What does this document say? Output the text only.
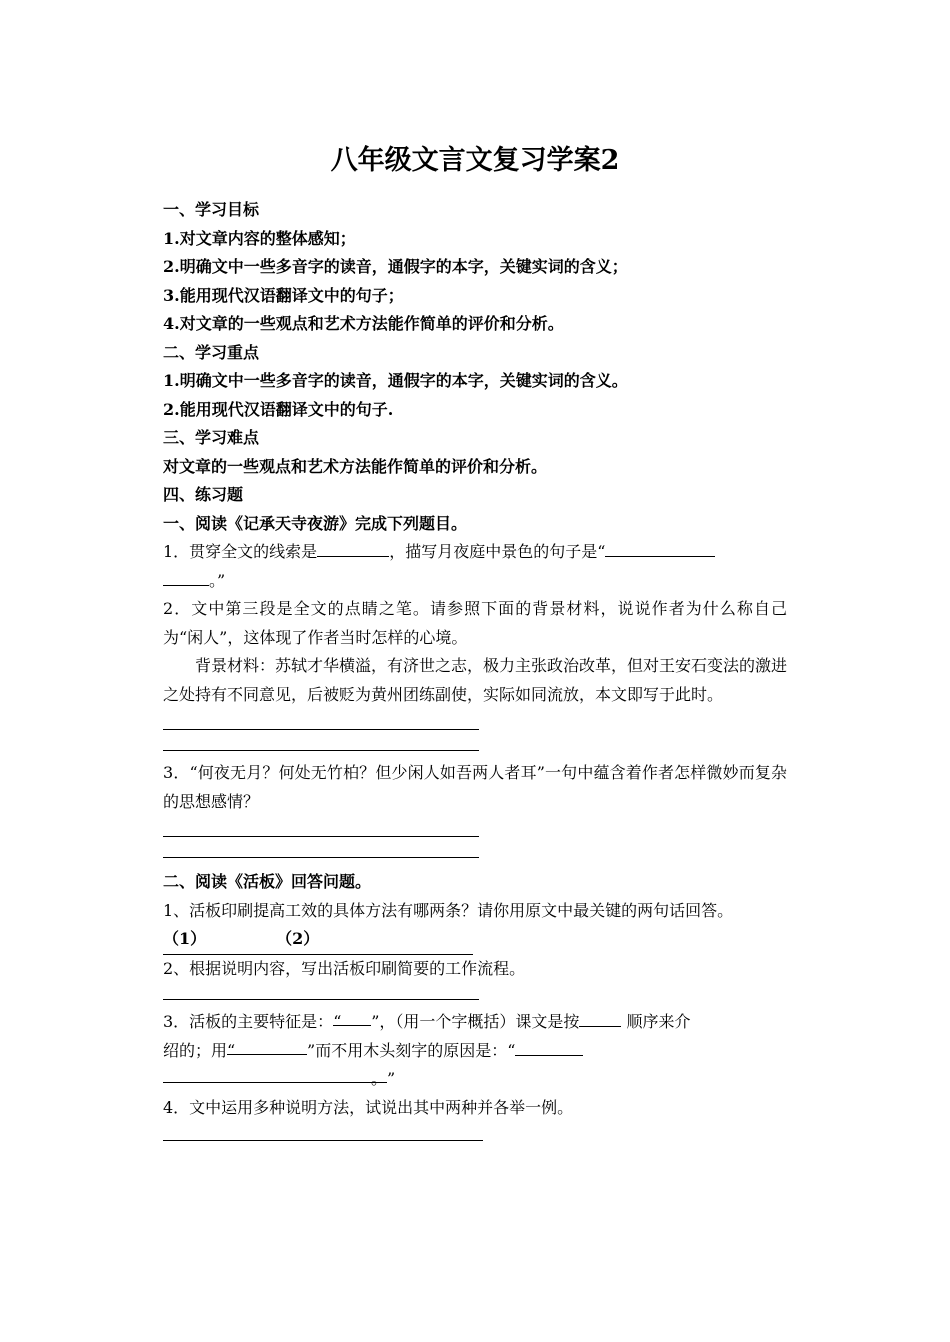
八年级文言文复习学案2
一、学习目标
1.对文章内容的整体感知；
2.明确文中一些多音字的读音，通假字的本字，关键实词的含义；
3.能用现代汉语翻译文中的句子；
4.对文章的一些观点和艺术方法能作简单的评价和分析。
二、学习重点
1.明确文中一些多音字的读音，通假字的本字，关键实词的含义。
2.能用现代汉语翻译文中的句子.
三、学习难点
对文章的一些观点和艺术方法能作简单的评价和分析。
四、练习题
一、阅读《记承天寺夜游》完成下列题目。
1．贯穿全文的线索是	，描写月夜庭中景色的句子是“
。”
2．文中第三段是全文的点睛之笔。请参照下面的背景材料，说说作者为什么称自己为“闲人”，这体现了作者当时怎样的心境。
背景材料：苏轼才华横溢，有济世之志，极力主张政治改革，但对王安石变法的激进之处持有不同意见，后被贬为黄州团练副使，实际如同流放，本文即写于此时。
3．“何夜无月？何处无竹柏？但少闲人如吾两人者耳”一句中蕴含着作者怎样微妙而复杂的思想感情？
二、阅读《活板》回答问题。
1、活板印刷提高工效的具体方法有哪两条？请你用原文中最关键的两句话回答。
（1）	（2）
2、根据说明内容，写出活板印刷简要的工作流程。
3．活板的主要特征是：“ ”，（用一个字概括）课文是按	顺序来介
绍的；用“	”而不用木头刻字的原因是：“
。”
4．文中运用多种说明方法，试说出其中两种并各举一例。
